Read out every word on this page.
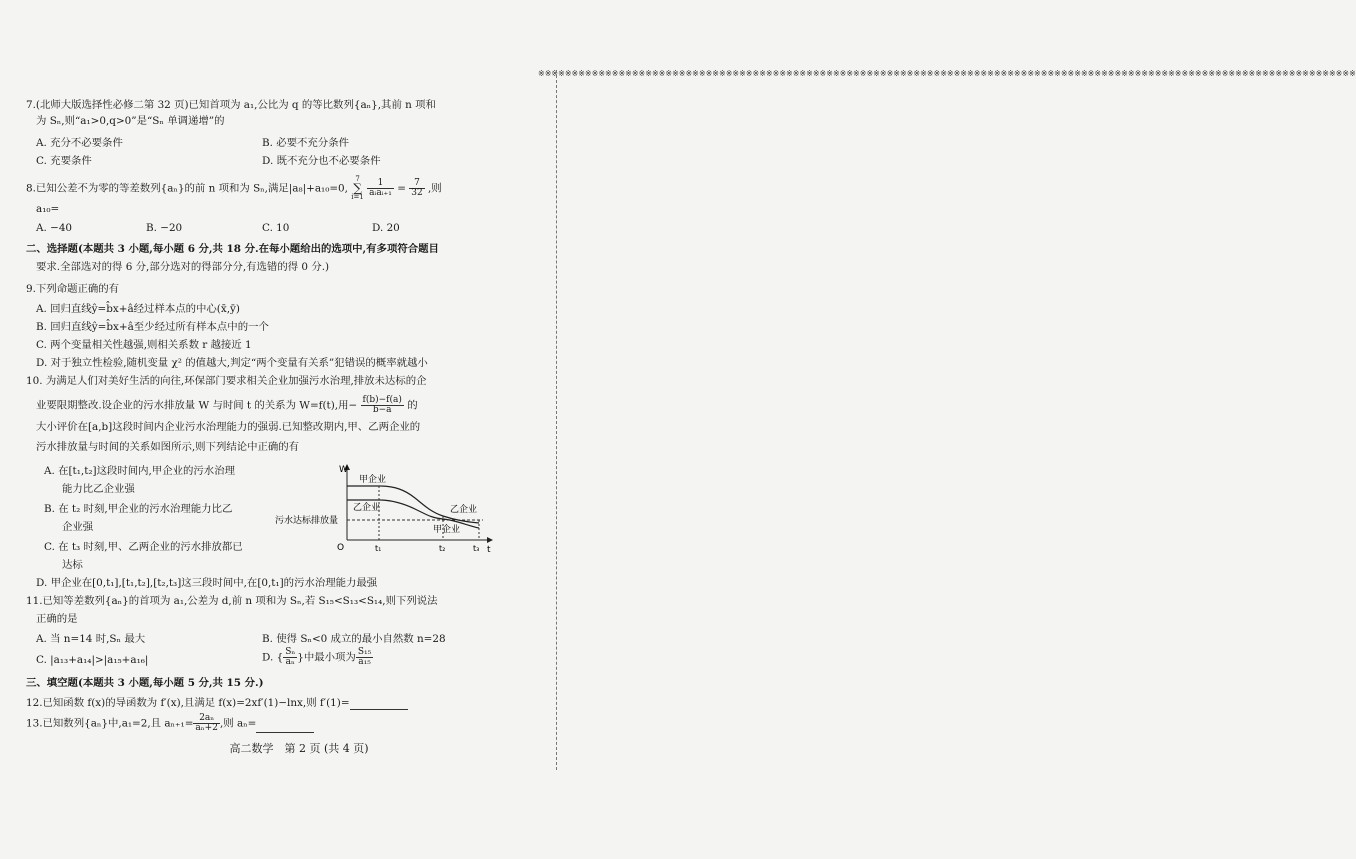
※※※※※※※※※※※※※※※※※※※※※※※※※※※※※※※※※※※※※※※※※※※※※※※※※※※※※※※※※※※※※※※※※※※※※※※※※※※※※※※※※※※※※※※※※※※※※※※※※※※※※※※※※※※※※※※※※※※※※※※※※※
7.(北师大版选择性必修二第 32 页)已知首项为 a₁,公比为 q 的等比数列{aₙ},其前 n 项和
为 Sₙ,则“a₁>0,q>0”是“Sₙ 单调递增”的
A. 充分不必要条件	B. 必要不充分条件
C. 充要条件	D. 既不充分也不必要条件
8.已知公差不为零的等差数列{aₙ}的前 n 项和为 Sₙ,满足|a₈|+a₁₀=0,
7
∑
i=1
$\frac{1}{\text{aᵢaᵢ₊₁}} = \frac{7}{32}$ ,则
a₁₀=
A. −40	B. −20	C. 10	D. 20
二、选择题(本题共 3 小题,每小题 6 分,共 18 分.在每小题给出的选项中,有多项符合题目
要求.全部选对的得 6 分,部分选对的得部分分,有选错的得 0 分.)
9.下列命题正确的有
A. 回归直线ŷ=b̂x+â经过样本点的中心(x̄,ȳ)
B. 回归直线ŷ=b̂x+â至少经过所有样本点中的一个
C. 两个变量相关性越强,则相关系数 r 越接近 1
D. 对于独立性检验,随机变量 χ² 的值越大,判定“两个变量有关系”犯错误的概率就越小
10. 为满足人们对美好生活的向往,环保部门要求相关企业加强污水治理,排放未达标的企
业要限期整改.设企业的污水排放量 W 与时间 t 的关系为 W=f(t),用− $\frac{f(b)-f(a)}{b-a}$ 的
大小评价在[a,b]这段时间内企业污水治理能力的强弱.已知整改期内,甲、乙两企业的
污水排放量与时间的关系如图所示,则下列结论中正确的有
A. 在[t₁,t₂]这段时间内,甲企业的污水治理
能力比乙企业强
B. 在 t₂ 时刻,甲企业的污水治理能力比乙
企业强
C. 在 t₃ 时刻,甲、乙两企业的污水排放都已
达标
D. 甲企业在[0,t₁],[t₁,t₂],[t₂,t₃]这三段时间中,在[0,t₁]的污水治理能力最强
W
t
O
甲企业
乙企业	乙企业
甲企业
污水达标排放量
t₁	t₂	t₃
11.已知等差数列{aₙ}的首项为 a₁,公差为 d,前 n 项和为 Sₙ,若 S₁₅<S₁₃<S₁₄,则下列说法
正确的是
A. 当 n=14 时,Sₙ 最大	B. 使得 Sₙ<0 成立的最小自然数 n=28
C. |a₁₃+a₁₄|>|a₁₅+a₁₆|	D. { $\frac{\text{Sₙ}}{\text{aₙ}}$ }中最小项为 $\frac{\text{S₁₅}}{\text{a₁₅}}$
三、填空题(本题共 3 小题,每小题 5 分,共 15 分.)
12.已知函数 f(x)的导函数为 f′(x),且满足 f(x)=2xf′(1)−lnx,则 f′(1)=
13.已知数列{aₙ}中,a₁=2,且 $a_{n+1}= \frac{\text{2aₙ}}{\text{aₙ+2}}$ ,则 aₙ=
高二数学　第 2 页 (共 4 页)
